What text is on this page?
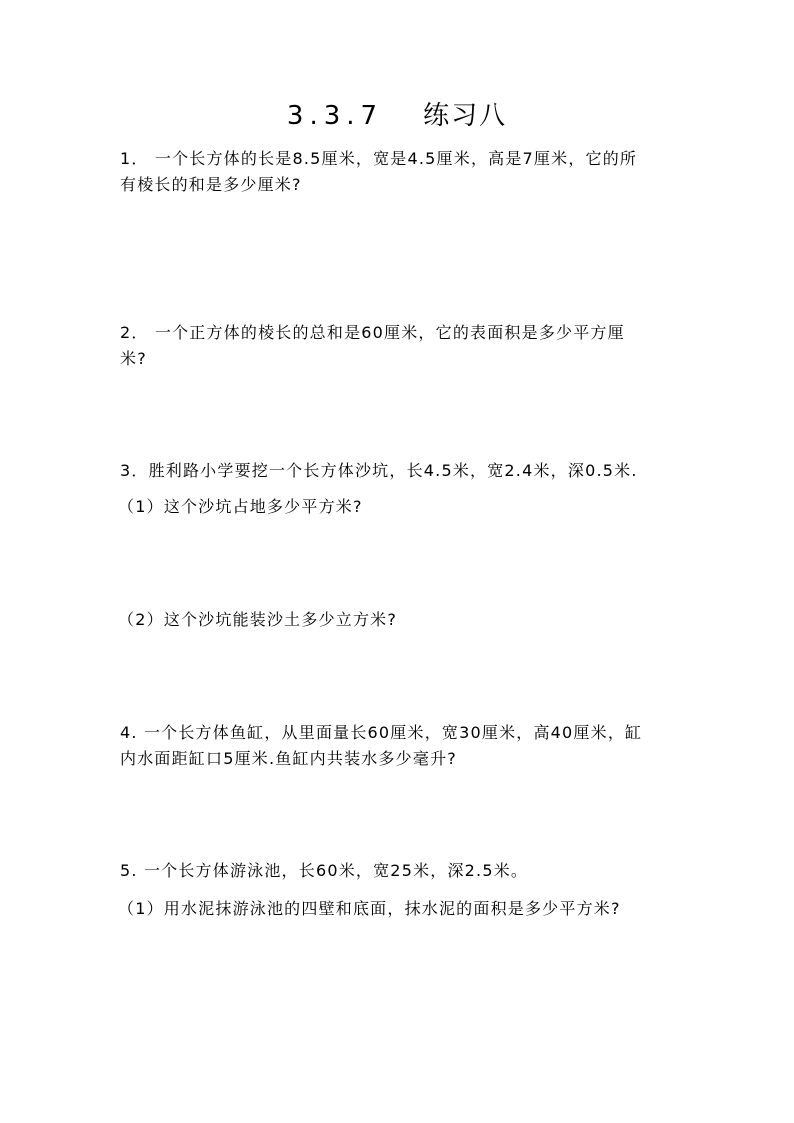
3.3.7 练习八
1． 一个长方体的长是8.5厘米，宽是4.5厘米，高是7厘米，它的所
有棱长的和是多少厘米?
2． 一个正方体的棱长的总和是60厘米，它的表面积是多少平方厘
米?
3．胜利路小学要挖一个长方体沙坑，长4.5米，宽2.4米，深0.5米.
（1）这个沙坑占地多少平方米?
（2）这个沙坑能装沙土多少立方米?
4. 一个长方体鱼缸，从里面量长60厘米，宽30厘米，高40厘米，缸
内水面距缸口5厘米.鱼缸内共装水多少毫升?
5. 一个长方体游泳池，长60米，宽25米，深2.5米。
（1）用水泥抹游泳池的四壁和底面，抹水泥的面积是多少平方米?
